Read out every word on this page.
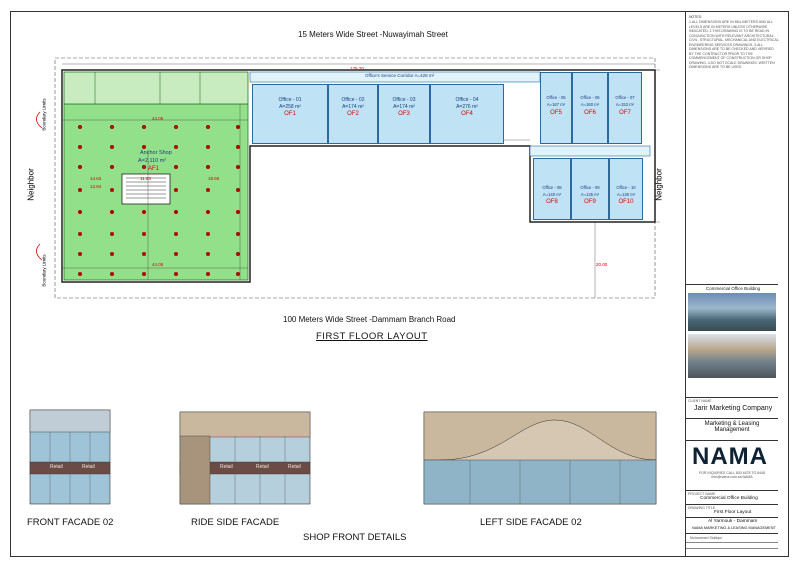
15 Meters Wide Street -Nuwayimah Street
100 Meters Wide Street -Dammam Branch Road
Neighbor	Neighbor
Boundary Limits
Boundary Limits
Office's Service Corridor A=428 m²
Anchor Shop
A=2,110 m²
AF1
125.20
44.05
44.05
14.63
13.64
11.63	18.66
20.00
Office - 01
A=258 m²
OF1
Office - 02
A=174 m²
OF2
Office - 03
A=174 m²
OF3
Office - 04
A=276 m²
OF4
Office - 05
A=167 m²
OF5
Office - 06
A=160 m²
OF6
Office - 07
A=153 m²
OF7
Office - 08
A=140 m²
OF8
Office - 09
A=135 m²
OF9
Office - 10
A=130 m²
OF10
FIRST FLOOR LAYOUT
Retail	Retail	Retail	Retail	Retail
FRONT FACADE 02	RIDE SIDE FACADE	LEFT SIDE FACADE 02
SHOP FRONT DETAILS
NOTES:
1.ALL DIMENSIONS ARE IN MILLIMETERS AND ALL LEVELS ARE IN METERS UNLESS OTHERWISE INDICATED. 2.THIS DRAWING IS TO BE READ IN CONJUNCTION WITH RELEVANT ARCHITECTURAL, CIVIL, STRUCTURAL, MECHANICAL AND ELECTRICAL ENGINEERING SERVICES DRAWINGS. 3.ALL DIMENSIONS ARE TO BE CHECKED AND VERIFIED BY THE CONTRACTOR PRIOR TO THE COMMENCEMENT OF CONSTRUCTION OR SHOP DRAWING. 4.DO NOT SCALE DRAWINGS. WRITTEN DIMENSIONS ARE TO BE USED.
Commercial Office Building
CLIENT NAME
Jarir Marketing Company
Marketing & Leasing Management
NAMA
FOR INQUIRIES CALL 800 4678 TO 8448 info@nama.com.sa NAMA
PROJECT NAME
Commercial Office Building
DRAWING TITLE
First Floor Layout
Al Yarmouk - Dammam
NAMA MARKETING & LEASING MANAGEMENT
Mohammed Siddiqui
